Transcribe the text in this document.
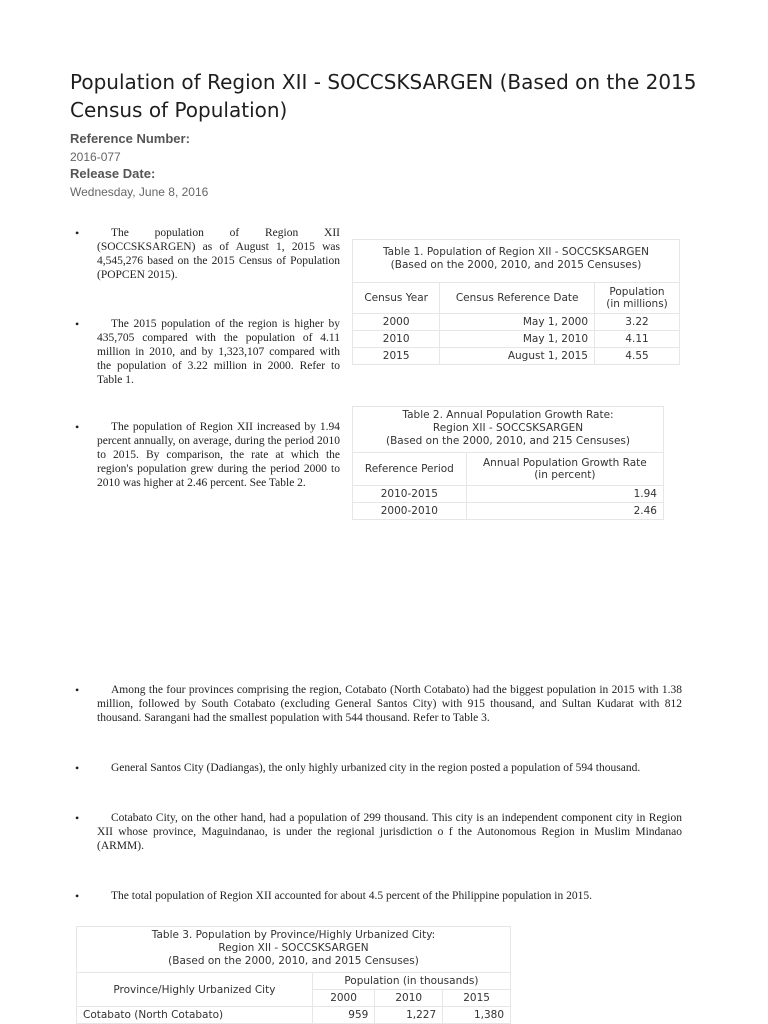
Population of Region XII - SOCCSKSARGEN (Based on the 2015 Census of Population)
Reference Number:
2016-077
Release Date:
Wednesday, June 8, 2016
•	The population of Region XII (SOCCSKSARGEN) as of August 1, 2015 was 4,545,276 based on the 2015 Census of Population (POPCEN 2015).
•	The 2015 population of the region is higher by 435,705 compared with the population of 4.11 million in 2010, and by 1,323,107 compared with the population of 3.22 million in 2000. Refer to Table 1.
•	The population of Region XII increased by 1.94 percent annually, on average, during the period 2010 to 2015. By comparison, the rate at which the region's population grew during the period 2000 to 2010 was higher at 2.46 percent. See Table 2.
•	Among the four provinces comprising the region, Cotabato (North Cotabato) had the biggest population in 2015 with 1.38 million, followed by South Cotabato (excluding General Santos City) with 915 thousand, and Sultan Kudarat with 812 thousand. Sarangani had the smallest population with 544 thousand. Refer to Table 3.
•	General Santos City (Dadiangas), the only highly urbanized city in the region posted a population of 594 thousand.
•	Cotabato City, on the other hand, had a population of 299 thousand. This city is an independent component city in Region XII whose province, Maguindanao, is under the regional jurisdiction o f the Autonomous Region in Muslim Mindanao (ARMM).
•	The total population of Region XII accounted for about 4.5 percent of the Philippine population in 2015.
Table 1. Population of Region XII - SOCCSKSARGEN
(Based on the 2000, 2010, and 2015 Censuses)		
Census Year	Census Reference Date	Population
(in millions)
2000	May 1, 2000	3.22
2010	May 1, 2010	4.11
2015	August 1, 2015	4.55
Table 2. Annual Population Growth Rate:
Region XII - SOCCSKSARGEN
(Based on the 2000, 2010, and 215 Censuses)	
Reference Period	Annual Population Growth Rate
(in percent)
2010-2015	1.94
2000-2010	2.46
Table 3. Population by Province/Highly Urbanized City:
Region XII - SOCCSKSARGEN
(Based on the 2000, 2010, and 2015 Censuses)			
Province/Highly Urbanized City	Population (in thousands)		
	2000	2010	2015
Cotabato (North Cotabato)	959	1,227	1,380
